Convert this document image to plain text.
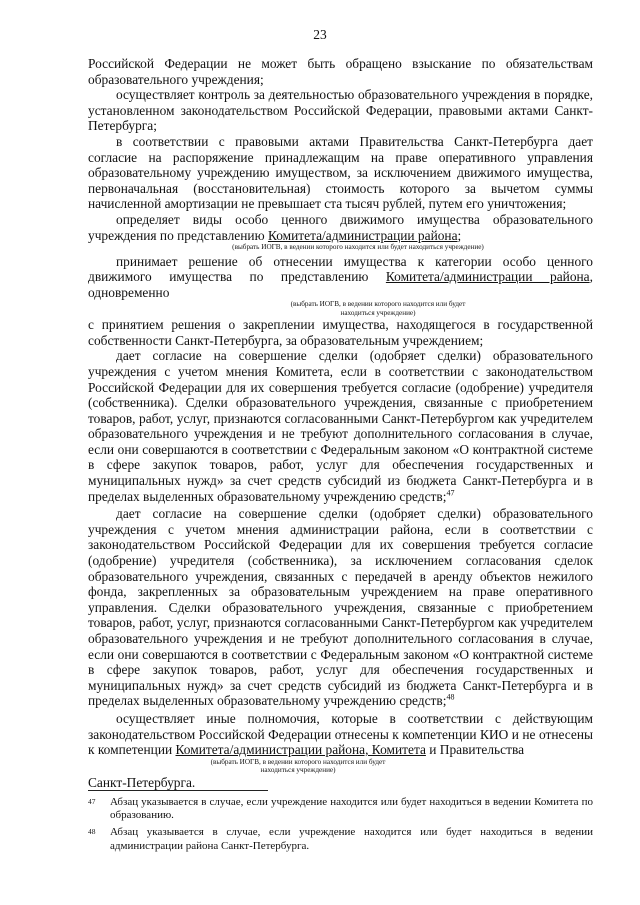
23

Российской Федерации не может быть обращено взыскание по обязательствам образовательного учреждения;

осуществляет контроль за деятельностью образовательного учреждения в порядке, установленном законодательством Российской Федерации, правовыми актами Санкт-Петербурга;

в соответствии с правовыми актами Правительства Санкт-Петербурга дает согласие на распоряжение принадлежащим на праве оперативного управления образовательному учреждению имуществом, за исключением движимого имущества, первоначальная (восстановительная) стоимость которого за вычетом суммы начисленной амортизации не превышает ста тысяч рублей, путем его уничтожения;

определяет виды особо ценного движимого имущества образовательного учреждения по представлению Комитета/администрации района;

(выбрать ИОГВ, в ведении которого находится или будет находиться учреждение)

принимает решение об отнесении имущества к категории особо ценного движимого имущества по представлению Комитета/администрации района, одновременно

(выбрать ИОГВ, в ведении которого находится или будет находиться учреждение)

с принятием решения о закреплении имущества, находящегося в государственной собственности Санкт-Петербурга, за образовательным учреждением;

дает согласие на совершение сделки (одобряет сделки) образовательного учреждения с учетом мнения Комитета, если в соответствии с законодательством Российской Федерации для их совершения требуется согласие (одобрение) учредителя (собственника). Сделки образовательного учреждения, связанные с приобретением товаров, работ, услуг, признаются согласованными Санкт-Петербургом как учредителем образовательного учреждения и не требуют дополнительного согласования в случае, если они совершаются в соответствии с Федеральным законом «О контрактной системе в сфере закупок товаров, работ, услуг для обеспечения государственных и муниципальных нужд» за счет средств субсидий из бюджета Санкт-Петербурга и в пределах выделенных образовательному учреждению средств;$^{47}$

дает согласие на совершение сделки (одобряет сделки) образовательного учреждения с учетом мнения администрации района, если в соответствии с законодательством Российской Федерации для их совершения требуется согласие (одобрение) учредителя (собственника), за исключением согласования сделок образовательного учреждения, связанных с передачей в аренду объектов нежилого фонда, закрепленных за образовательным учреждением на праве оперативного управления. Сделки образовательного учреждения, связанные с приобретением товаров, работ, услуг, признаются согласованными Санкт-Петербургом как учредителем образовательного учреждения и не требуют дополнительного согласования в случае, если они совершаются в соответствии с Федеральным законом «О контрактной системе в сфере закупок товаров, работ, услуг для обеспечения государственных и муниципальных нужд» за счет средств субсидий из бюджета Санкт-Петербурга и в пределах выделенных образовательному учреждению средств;$^{48}$

осуществляет иные полномочия, которые в соответствии с действующим законодательством Российской Федерации отнесены к компетенции КИО и не отнесены к компетенции Комитета/администрации района, Комитета и Правительства

(выбрать ИОГВ, в ведении которого находится или будет находиться учреждение)

Санкт-Петербурга.

47	Абзац указывается в случае, если учреждение находится или будет находиться в ведении Комитета по образованию.
48	Абзац указывается в случае, если учреждение находится или будет находиться в ведении администрации района Санкт-Петербурга.
